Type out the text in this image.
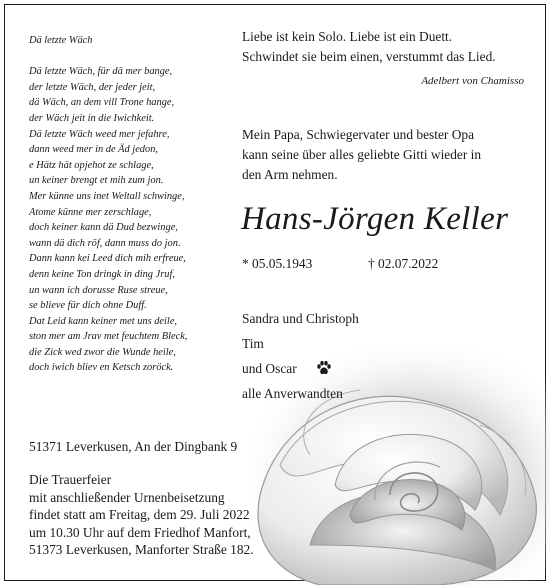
Dä letzte Wäch
Dä letzte Wäch, für dä mer bange,
der letzte Wäch, der jeder jeit,
dä Wäch, an dem vill Trone hange,
der Wäch jeit in die Iwichkeit.
Dä letzte Wäch weed mer jefahre,
dann weed mer in de Äd jedon,
e Hätz hät opjehot ze schlage,
un keiner brengt et mih zum jon.
Mer künne uns inet Weltall schwinge,
Atome künne mer zerschlage,
doch keiner kann dä Dud bezwinge,
wann dä dich röf, dann muss do jon.
Dann kann kei Leed dich mih erfreue,
denn keine Ton dringk in ding Jruf,
un wann ich dorusse Ruse streue,
se blieve für dich ohne Duff.
Dat Leid kann keiner met uns deile,
ston mer am Jrav met feuchtem Bleck,
die Zick wed zwor die Wunde heile,
doch iwich bliev en Ketsch zoröck.
Liebe ist kein Solo. Liebe ist ein Duett.
Schwindet sie beim einen, verstummt das Lied.
Adelbert von Chamisso
Mein Papa, Schwiegervater und bester Opa
kann seine über alles geliebte Gitti wieder in
den Arm nehmen.
Hans-Jörgen Keller
* 05.05.1943	† 02.07.2022
Sandra und Christoph
Tim
und Oscar
alle Anverwandten
51371 Leverkusen, An der Dingbank 9
Die Trauerfeier
mit anschließender Urnenbeisetzung
findet statt am Freitag, dem 29. Juli 2022
um 10.30 Uhr auf dem Friedhof Manfort,
51373 Leverkusen, Manforter Straße 182.
